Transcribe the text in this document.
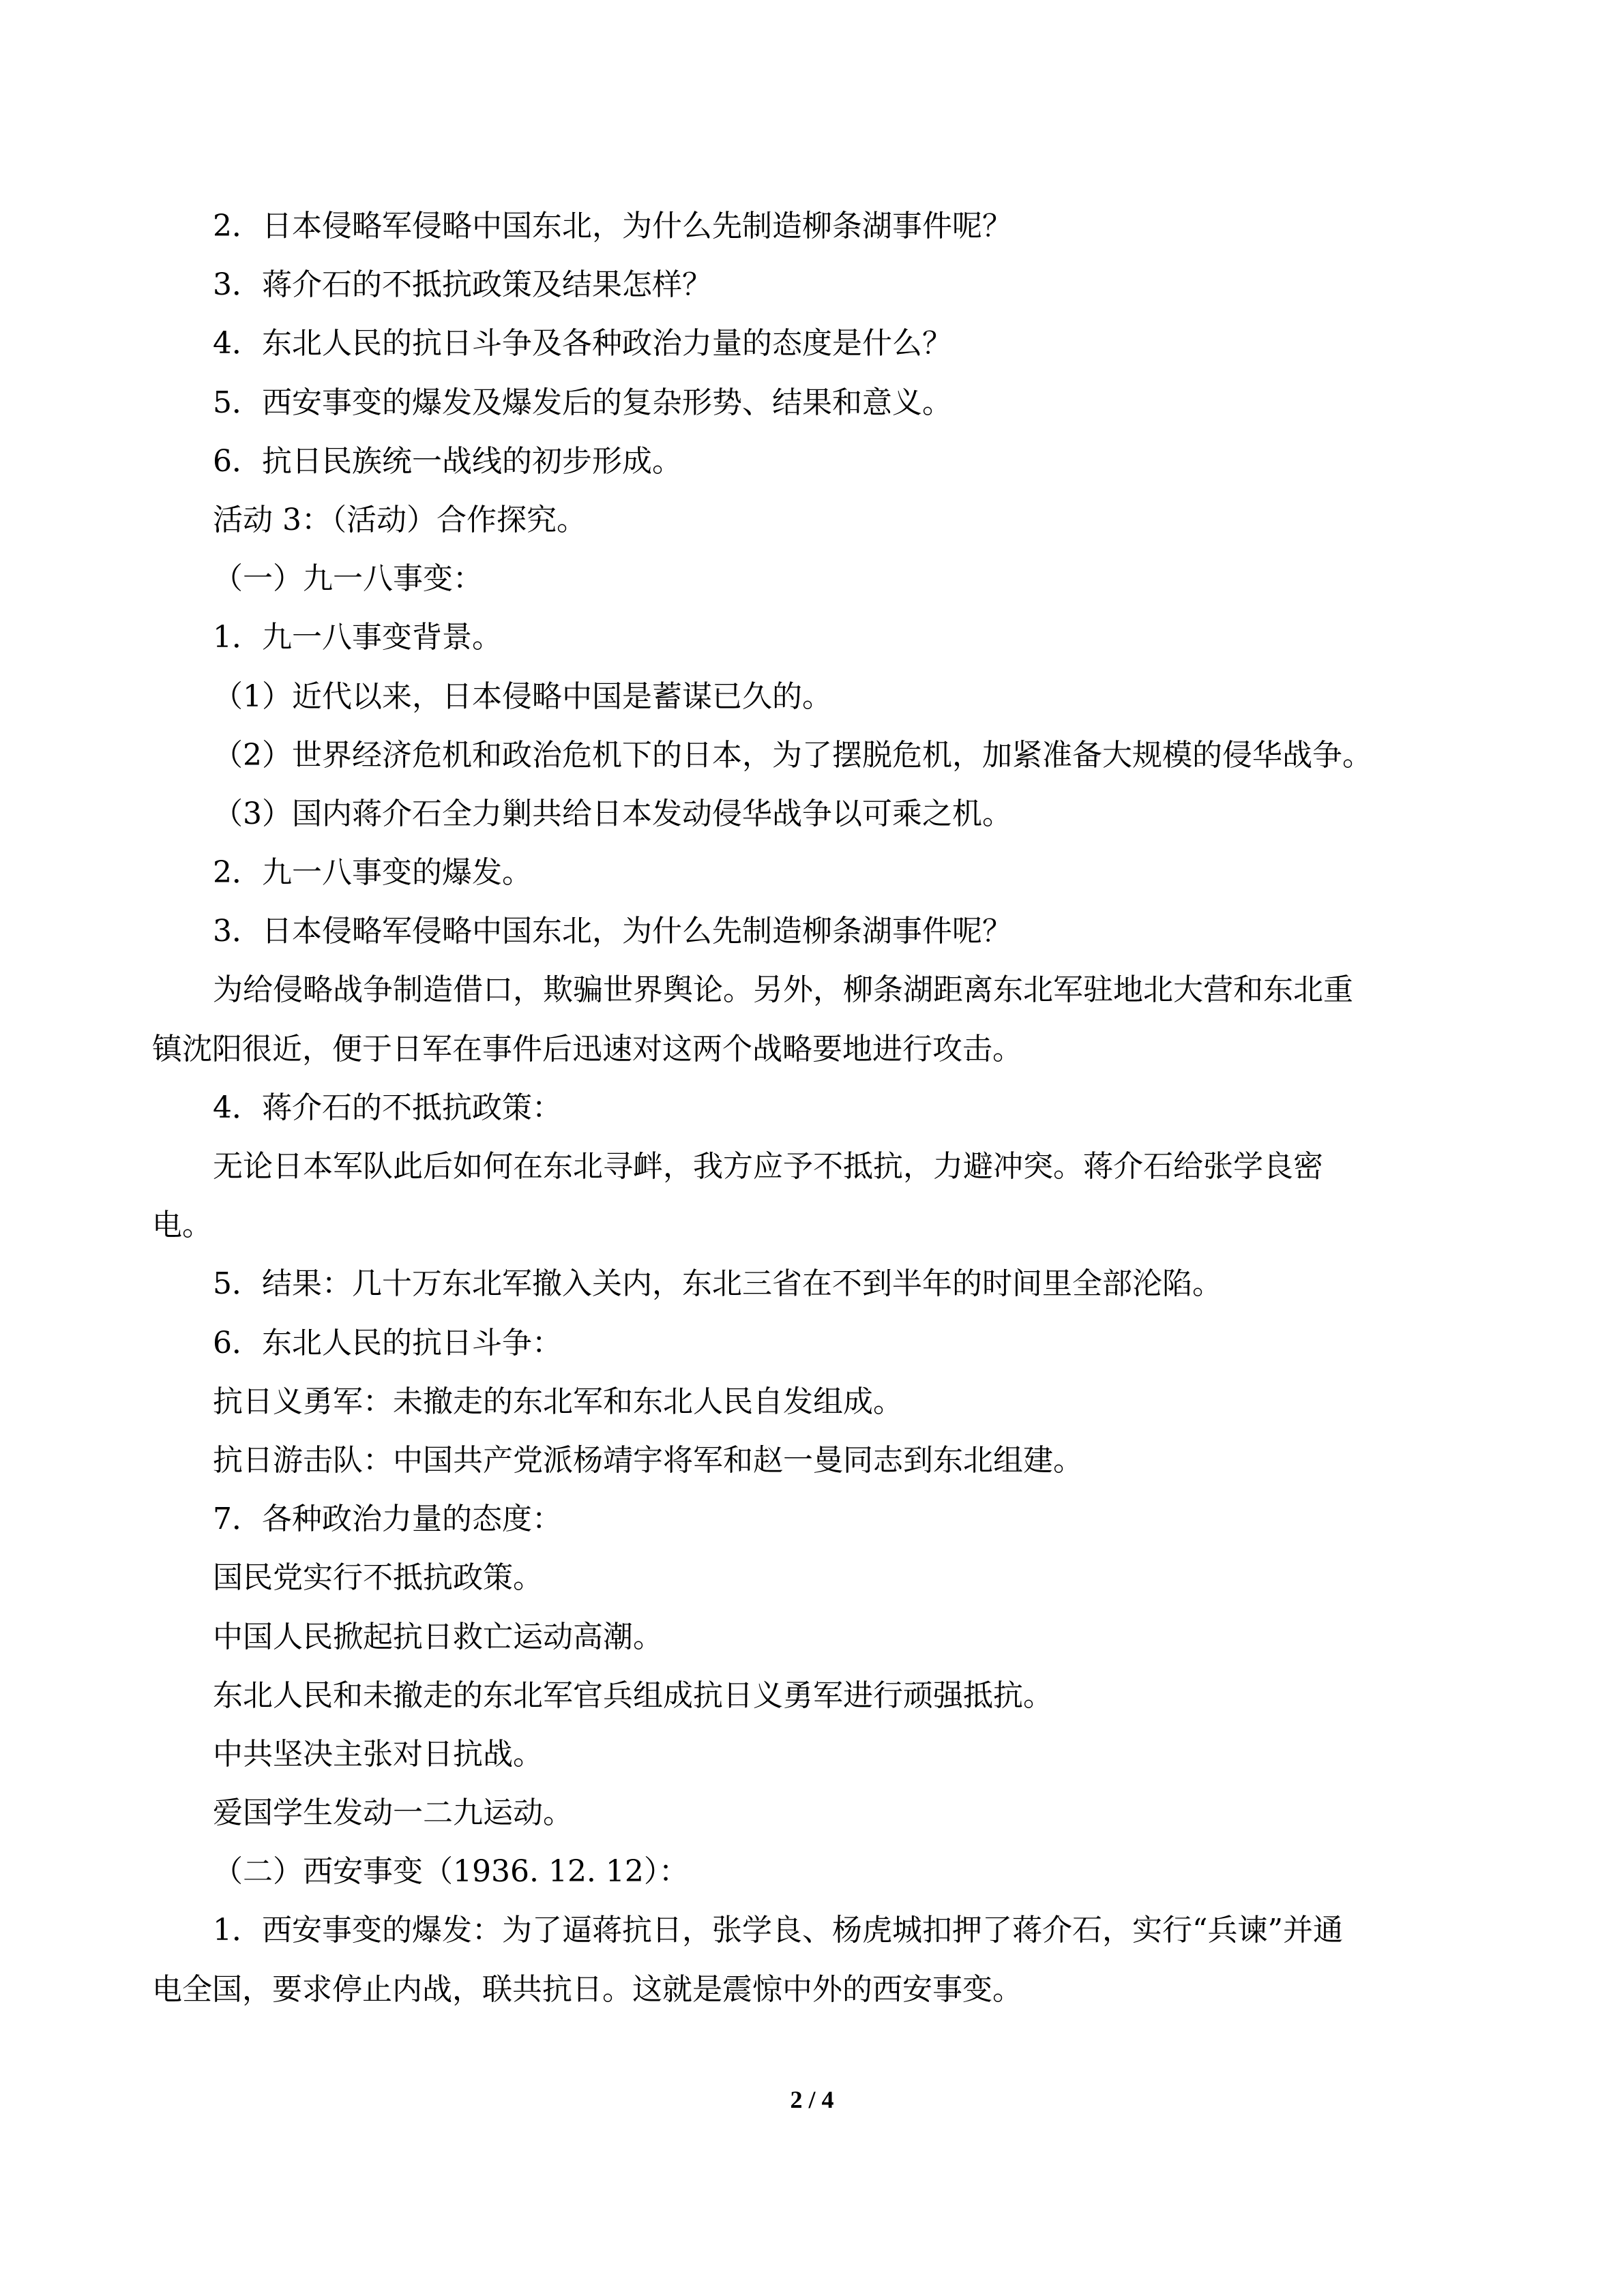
2．日本侵略军侵略中国东北，为什么先制造柳条湖事件呢？
3．蒋介石的不抵抗政策及结果怎样？
4．东北人民的抗日斗争及各种政治力量的态度是什么？
5．西安事变的爆发及爆发后的复杂形势、结果和意义。
6．抗日民族统一战线的初步形成。
活动 3：（活动）合作探究。
（一）九一八事变：
1．九一八事变背景。
（1）近代以来，日本侵略中国是蓄谋已久的。
（2）世界经济危机和政治危机下的日本，为了摆脱危机，加紧准备大规模的侵华战争。
（3）国内蒋介石全力剿共给日本发动侵华战争以可乘之机。
2．九一八事变的爆发。
3．日本侵略军侵略中国东北，为什么先制造柳条湖事件呢？
为给侵略战争制造借口，欺骗世界舆论。另外，柳条湖距离东北军驻地北大营和东北重
镇沈阳很近，便于日军在事件后迅速对这两个战略要地进行攻击。
4．蒋介石的不抵抗政策：
无论日本军队此后如何在东北寻衅，我方应予不抵抗，力避冲突。蒋介石给张学良密
电。
5．结果：几十万东北军撤入关内，东北三省在不到半年的时间里全部沦陷。
6．东北人民的抗日斗争：
抗日义勇军：未撤走的东北军和东北人民自发组成。
抗日游击队：中国共产党派杨靖宇将军和赵一曼同志到东北组建。
7．各种政治力量的态度：
国民党实行不抵抗政策。
中国人民掀起抗日救亡运动高潮。
东北人民和未撤走的东北军官兵组成抗日义勇军进行顽强抵抗。
中共坚决主张对日抗战。
爱国学生发动一二九运动。
（二）西安事变（1936. 12. 12）：
1．西安事变的爆发：为了逼蒋抗日，张学良、杨虎城扣押了蒋介石，实行“兵谏”并通
电全国，要求停止内战，联共抗日。这就是震惊中外的西安事变。
2 / 4
